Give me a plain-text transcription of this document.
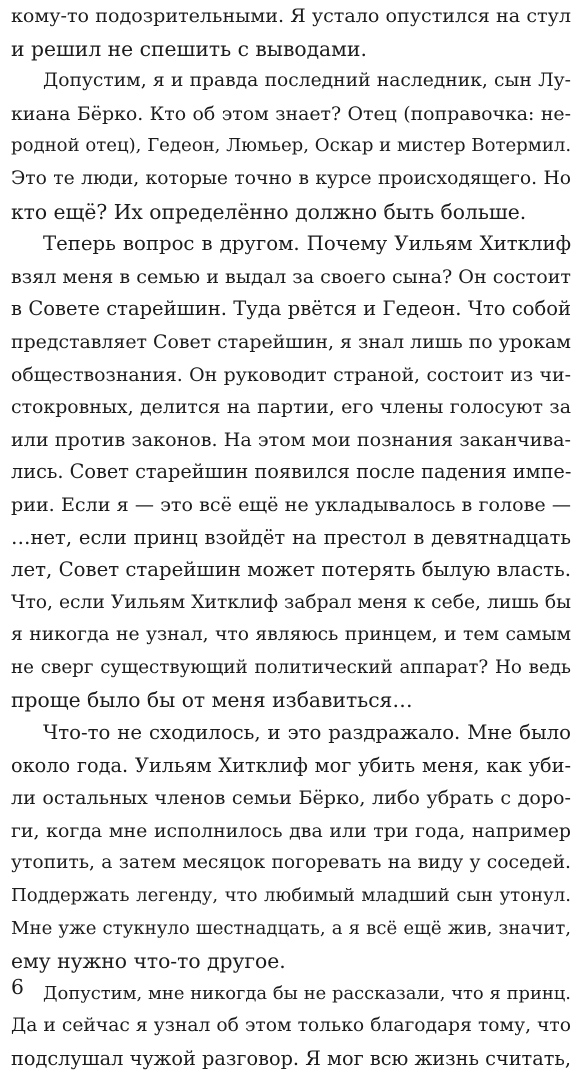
кому-то подозрительными. Я устало опустился на стул
и решил не спешить с выводами.
Допустим, я и правда последний наследник, сын Лу-
киана Бёрко. Кто об этом знает? Отец (поправочка: не-
родной отец), Гедеон, Люмьер, Оскар и мистер Вотермил.
Это те люди, которые точно в курсе происходящего. Но
кто ещё? Их определённо должно быть больше.
Теперь вопрос в другом. Почему Уильям Хитклиф
взял меня в семью и выдал за своего сына? Он состоит
в Совете старейшин. Туда рвётся и Гедеон. Что собой
представляет Совет старейшин, я знал лишь по урокам
обществознания. Он руководит страной, состоит из чи-
стокровных, делится на партии, его члены голосуют за
или против законов. На этом мои познания заканчива-
лись. Совет старейшин появился после падения импе-
рии. Если я — это всё ещё не укладывалось в голове —
…нет, если принц взойдёт на престол в девятнадцать
лет, Совет старейшин может потерять былую власть.
Что, если Уильям Хитклиф забрал меня к себе, лишь бы
я никогда не узнал, что являюсь принцем, и тем самым
не сверг существующий политический аппарат? Но ведь
проще было бы от меня избавиться…
Что-то не сходилось, и это раздражало. Мне было
около года. Уильям Хитклиф мог убить меня, как уби-
ли остальных членов семьи Бёрко, либо убрать с доро-
ги, когда мне исполнилось два или три года, например
утопить, а затем месяцок погоревать на виду у соседей.
Поддержать легенду, что любимый младший сын утонул.
Мне уже стукнуло шестнадцать, а я всё ещё жив, значит,
ему нужно что-то другое.
Допустим, мне никогда бы не рассказали, что я принц.
Да и сейчас я узнал об этом только благодаря тому, что
подслушал чужой разговор. Я мог всю жизнь считать,
6
